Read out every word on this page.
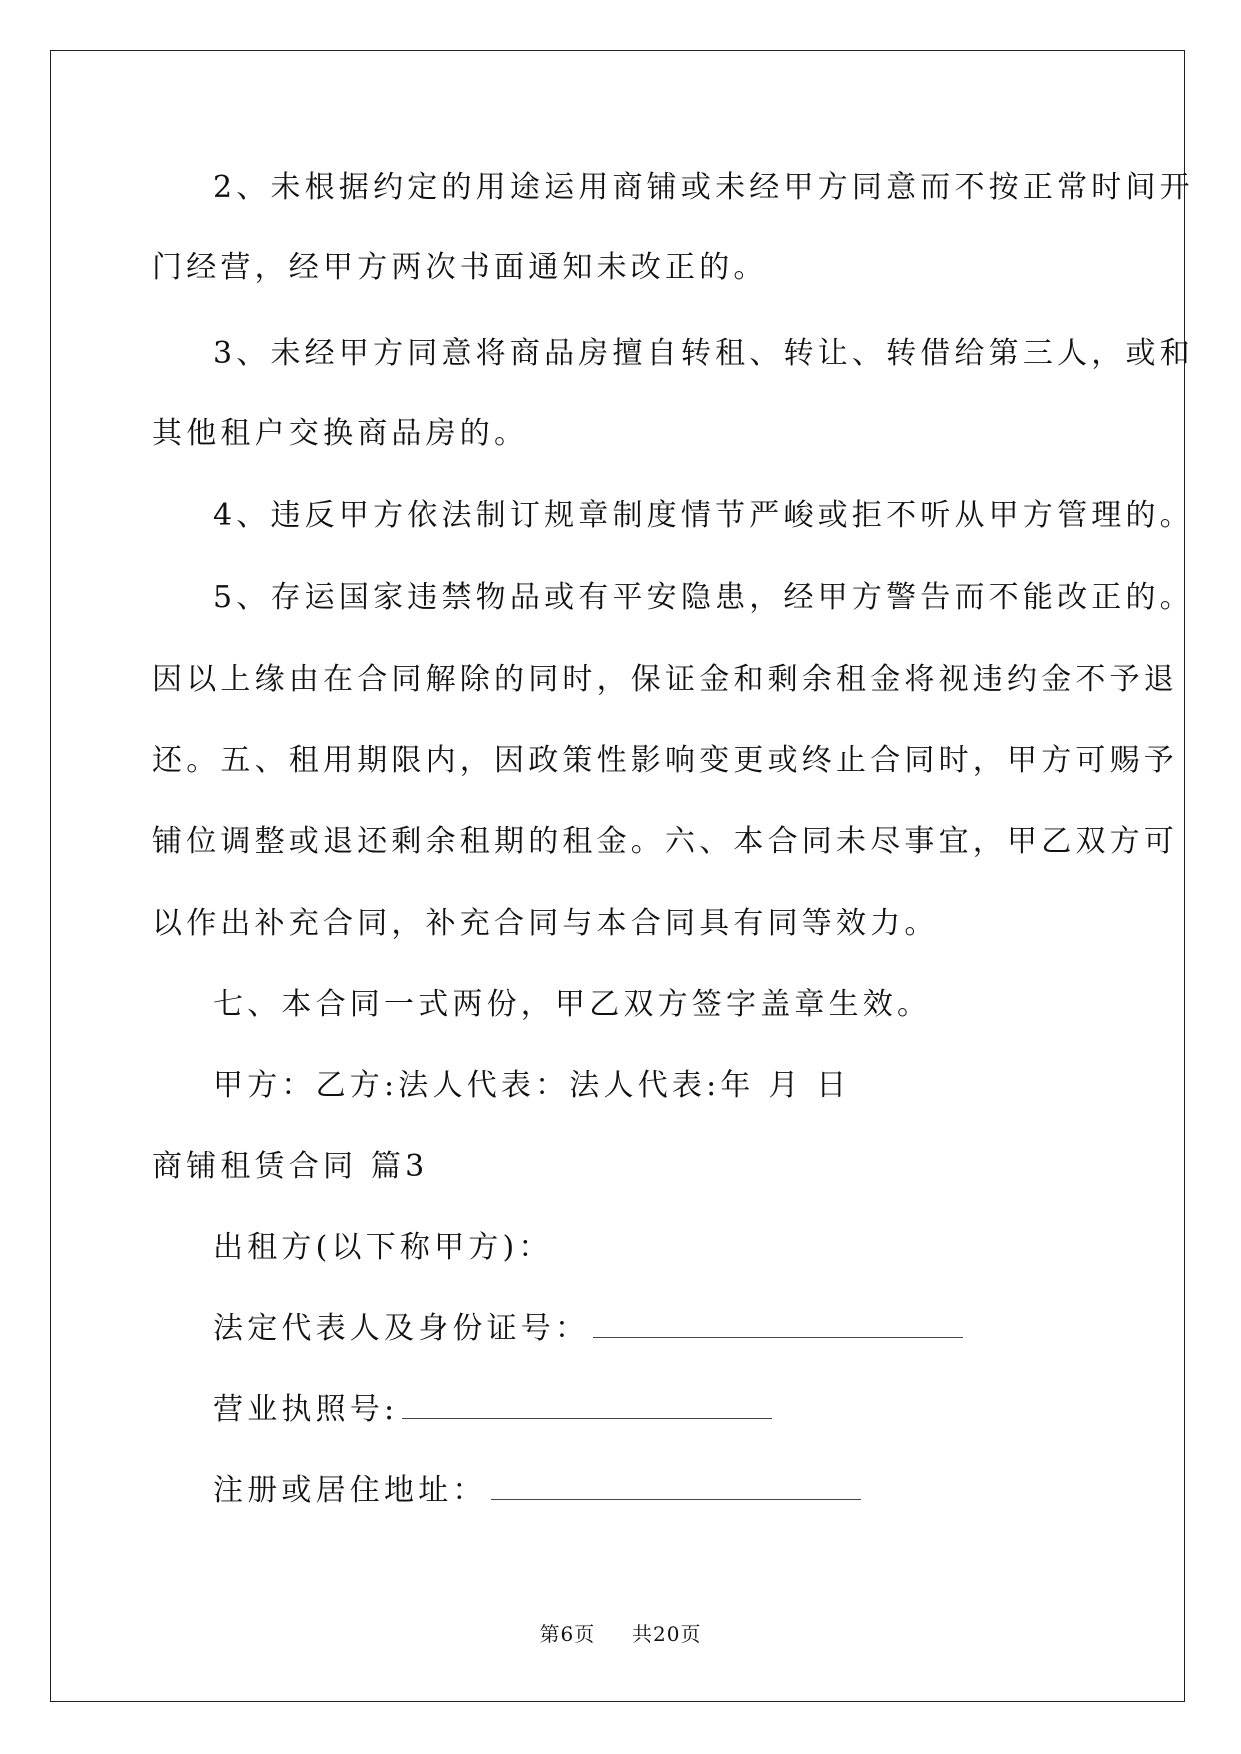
2、未根据约定的用途运用商铺或未经甲方同意而不按正常时间开
门经营，经甲方两次书面通知未改正的。
3、未经甲方同意将商品房擅自转租、转让、转借给第三人，或和
其他租户交换商品房的。
4、违反甲方依法制订规章制度情节严峻或拒不听从甲方管理的。
5、存运国家违禁物品或有平安隐患，经甲方警告而不能改正的。
因以上缘由在合同解除的同时，保证金和剩余租金将视违约金不予退
还。五、租用期限内，因政策性影响变更或终止合同时，甲方可赐予
铺位调整或退还剩余租期的租金。六、本合同未尽事宜，甲乙双方可
以作出补充合同，补充合同与本合同具有同等效力。
七、本合同一式两份，甲乙双方签字盖章生效。
甲方：乙方:法人代表：法人代表:年 月 日
商铺租赁合同 篇3
出租方(以下称甲方)：
法定代表人及身份证号：
营业执照号:
注册或居住地址：
第6页 共20页
